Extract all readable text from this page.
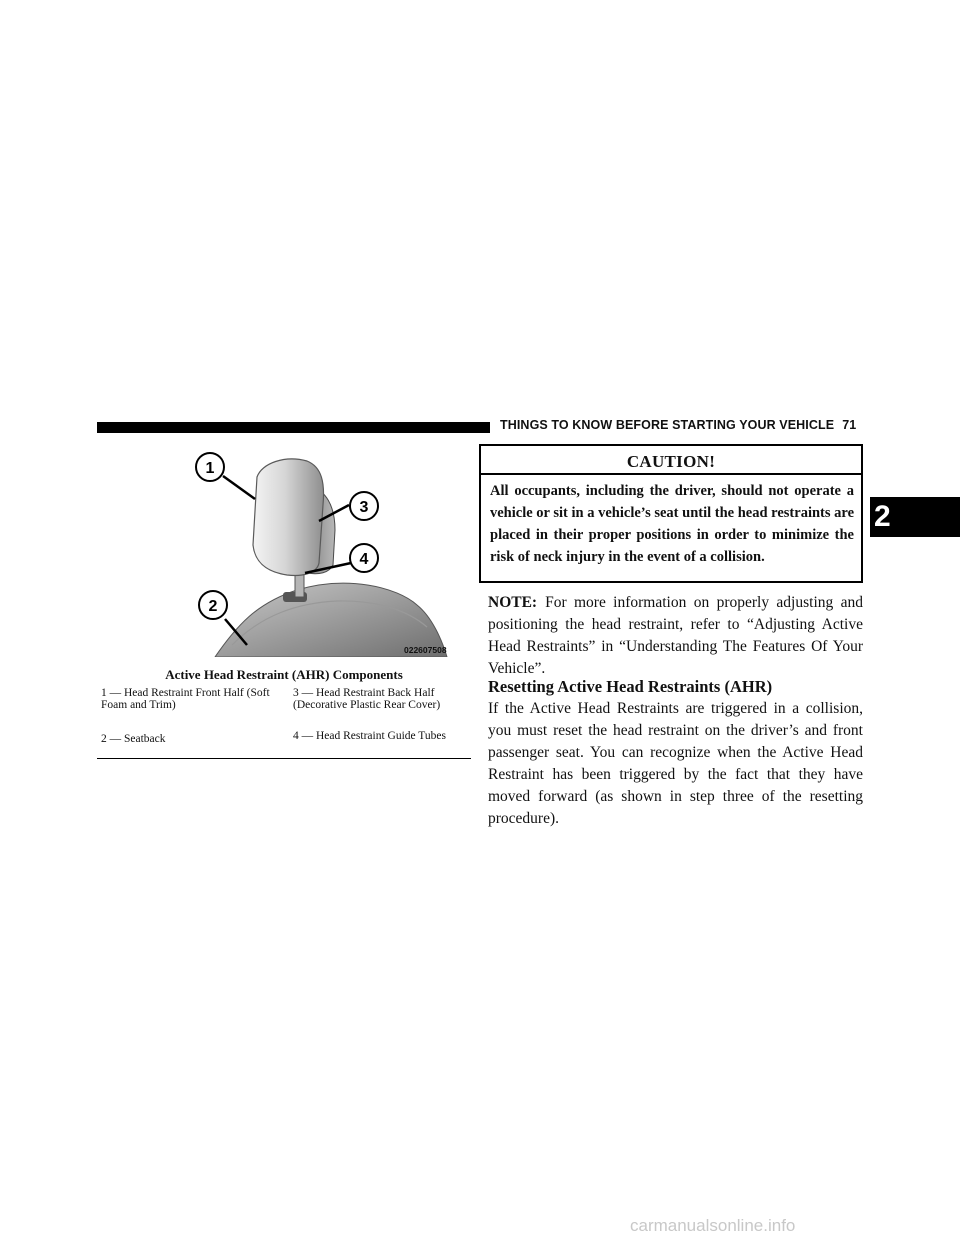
THINGS TO KNOW BEFORE STARTING YOUR VEHICLE 71
2
1
3
4
2
022607508
Active Head Restraint (AHR) Components
1 — Head Restraint Front Half (Soft Foam and Trim)
3 — Head Restraint Back Half (Decorative Plastic Rear Cover)
2 — Seatback	4 — Head Restraint Guide Tubes
CAUTION!
All occupants, including the driver, should not operate a vehicle or sit in a vehicle’s seat until the head restraints are placed in their proper positions in order to minimize the risk of neck injury in the event of a collision.
NOTE: For more information on properly adjusting and positioning the head restraint, refer to “Adjusting Active Head Restraints” in “Understanding The Features Of Your Vehicle”.
Resetting Active Head Restraints (AHR)
If the Active Head Restraints are triggered in a collision, you must reset the head restraint on the driver’s and front passenger seat. You can recognize when the Active Head Restraint has been triggered by the fact that they have moved forward (as shown in step three of the resetting procedure).
carmanualsonline.info
